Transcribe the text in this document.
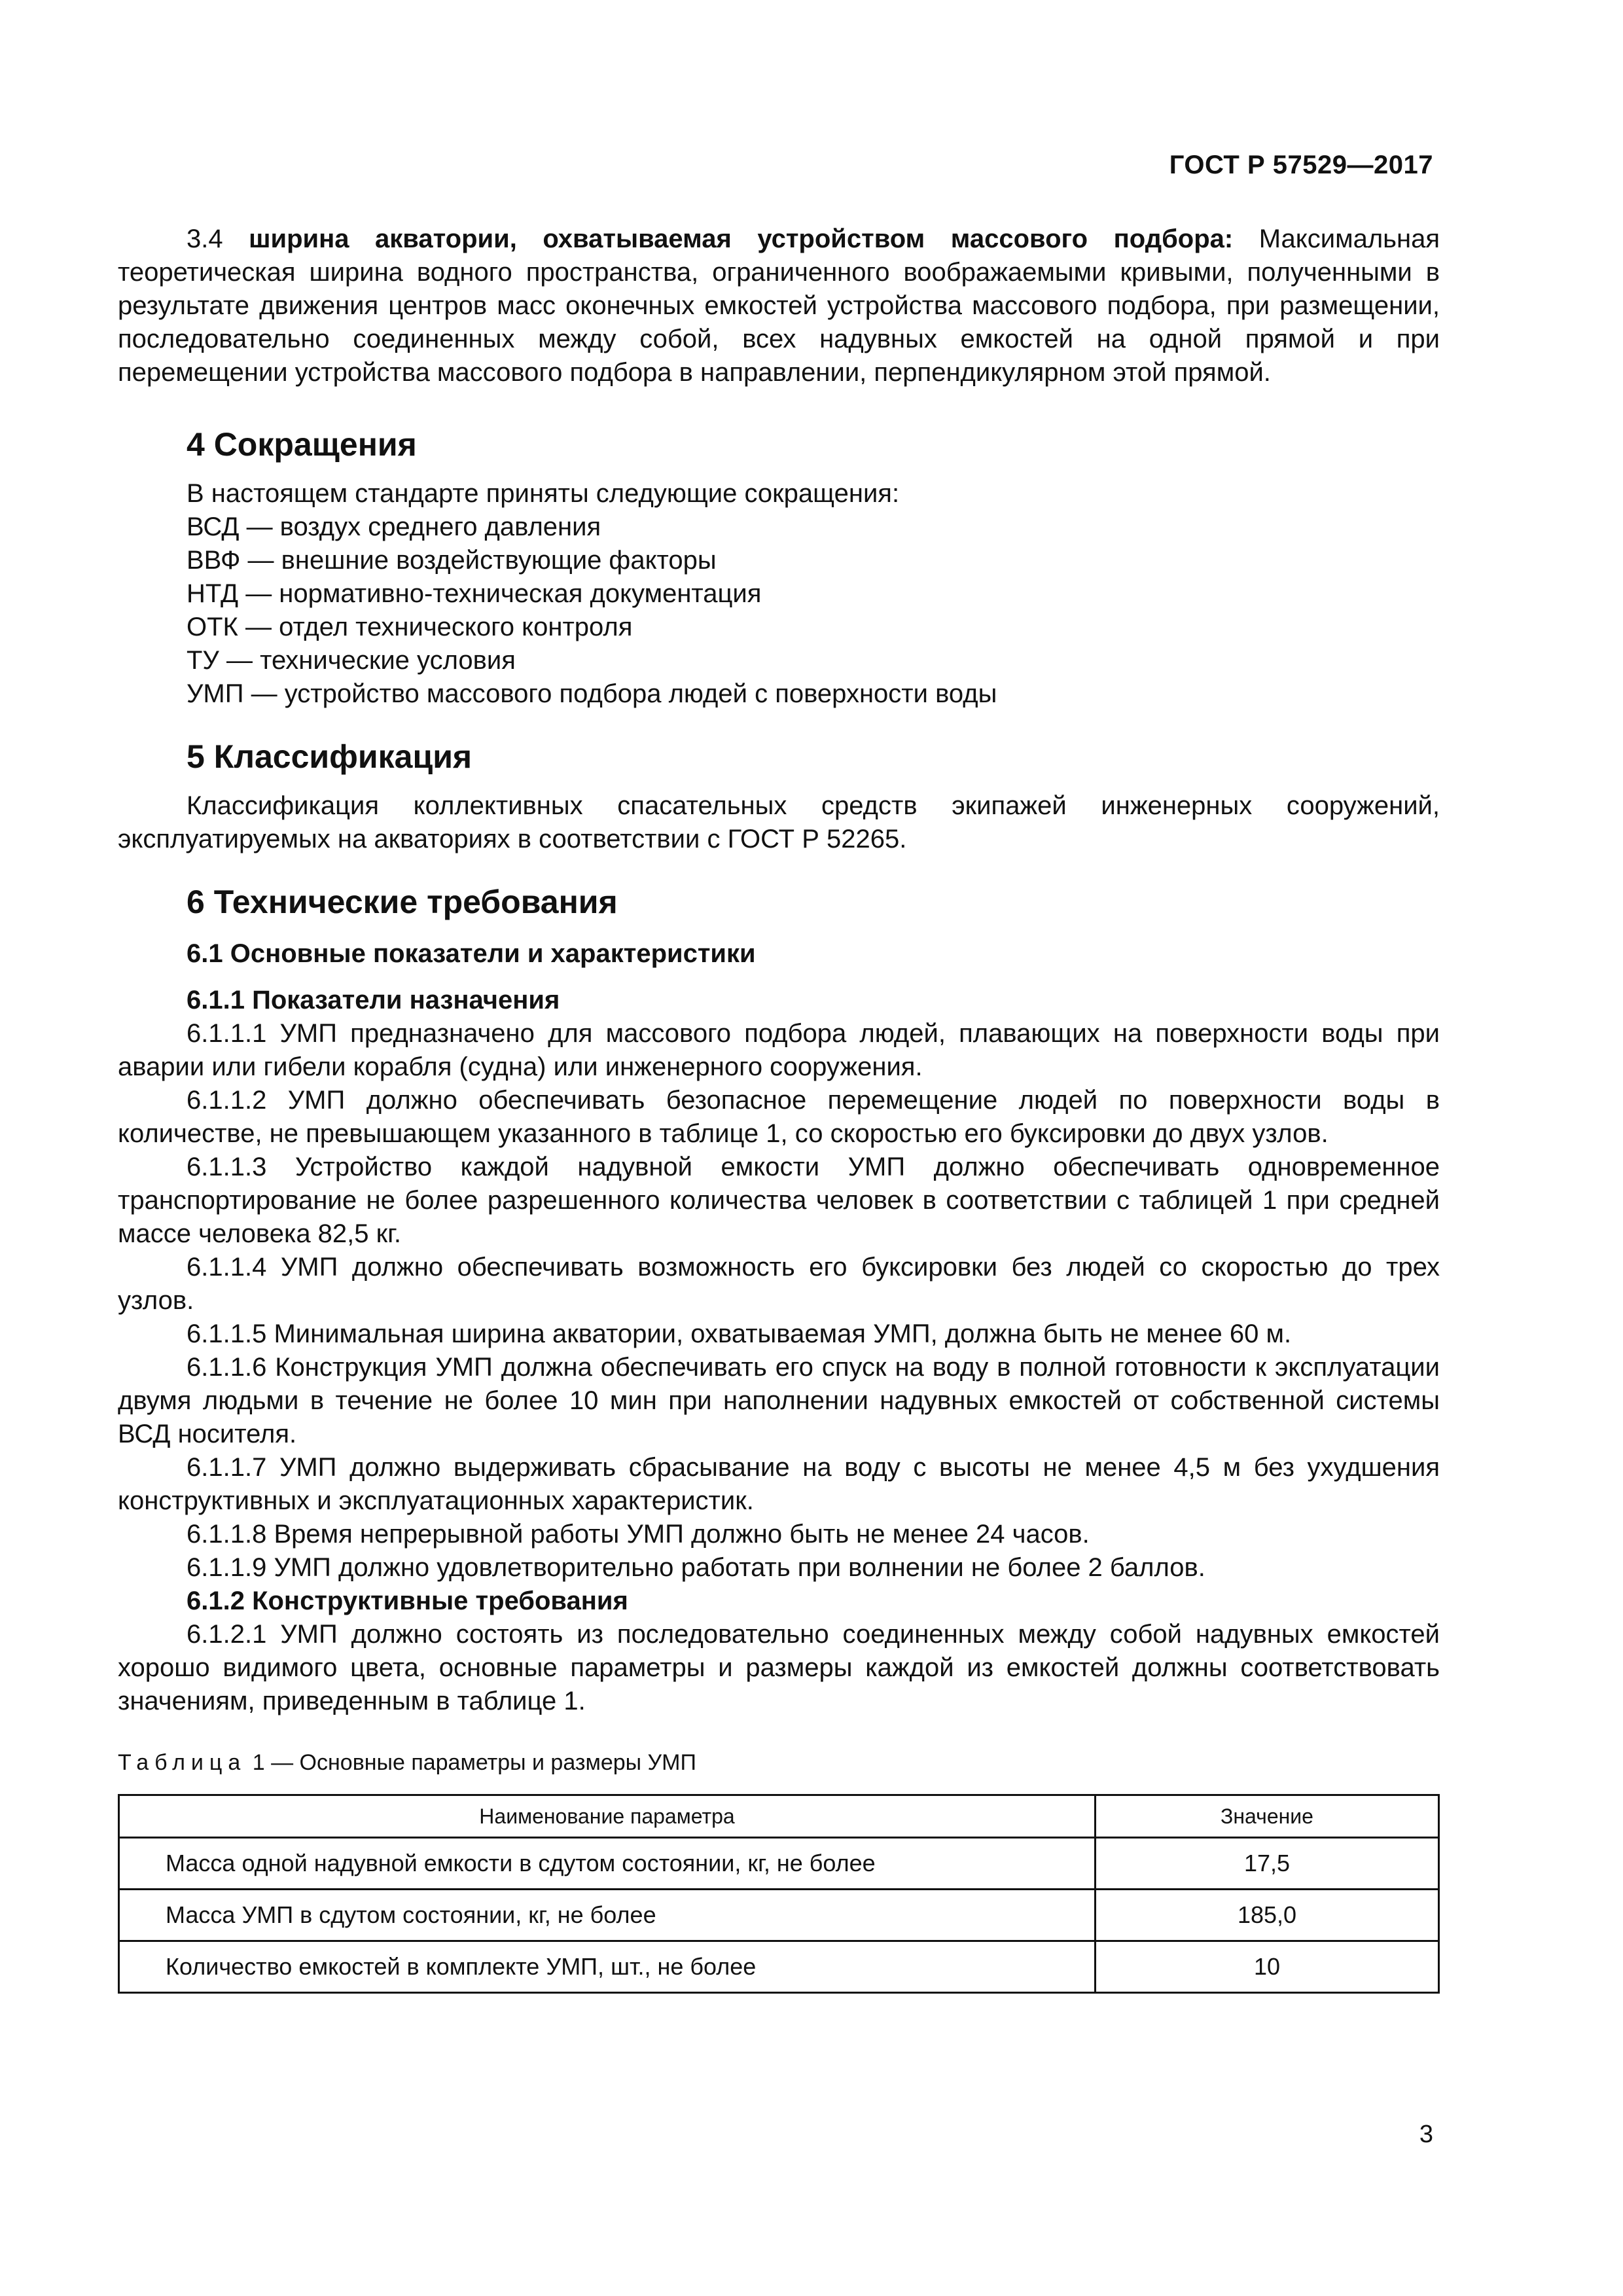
ГОСТ Р 57529—2017

3.4 ширина акватории, охватываемая устройством массового подбора: Максимальная теоретическая ширина водного пространства, ограниченного воображаемыми кривыми, полученными в результате движения центров масс оконечных емкостей устройства массового подбора, при размещении, последовательно соединенных между собой, всех надувных емкостей на одной прямой и при перемещении устройства массового подбора в направлении, перпендикулярном этой прямой.

4 Сокращения
В настоящем стандарте приняты следующие сокращения:
ВСД — воздух среднего давления
ВВФ — внешние воздействующие факторы
НТД — нормативно-техническая документация
ОТК — отдел технического контроля
ТУ — технические условия
УМП — устройство массового подбора людей с поверхности воды
5 Классификация

Классификация коллективных спасательных средств экипажей инженерных сооружений, эксплуатируемых на акваториях в соответствии с ГОСТ Р 52265.

6 Технические требования
6.1 Основные показатели и характеристики
6.1.1 Показатели назначения

6.1.1.1 УМП предназначено для массового подбора людей, плавающих на поверхности воды при аварии или гибели корабля (судна) или инженерного сооружения.

6.1.1.2 УМП должно обеспечивать безопасное перемещение людей по поверхности воды в количестве, не превышающем указанного в таблице 1, со скоростью его буксировки до двух узлов.

6.1.1.3 Устройство каждой надувной емкости УМП должно обеспечивать одновременное транспортирование не более разрешенного количества человек в соответствии с таблицей 1 при средней массе человека 82,5 кг.

6.1.1.4 УМП должно обеспечивать возможность его буксировки без людей со скоростью до трех узлов.

6.1.1.5 Минимальная ширина акватории, охватываемая УМП, должна быть не менее 60 м.

6.1.1.6 Конструкция УМП должна обеспечивать его спуск на воду в полной готовности к эксплуатации двумя людьми в течение не более 10 мин при наполнении надувных емкостей от собственной системы ВСД носителя.

6.1.1.7 УМП должно выдерживать сбрасывание на воду с высоты не менее 4,5 м без ухудшения конструктивных и эксплуатационных характеристик.

6.1.1.8 Время непрерывной работы УМП должно быть не менее 24 часов.

6.1.1.9 УМП должно удовлетворительно работать при волнении не более 2 баллов.

6.1.2 Конструктивные требования

6.1.2.1 УМП должно состоять из последовательно соединенных между собой надувных емкостей хорошо видимого цвета, основные параметры и размеры каждой из емкостей должны соответствовать значениям, приведенным в таблице 1.

Таблица 1 — Основные параметры и размеры УМП
Наименование параметра	Значение
Масса одной надувной емкости в сдутом состоянии, кг, не более	17,5
Масса УМП в сдутом состоянии, кг, не более	185,0
Количество емкостей в комплекте УМП, шт., не более	10
3
